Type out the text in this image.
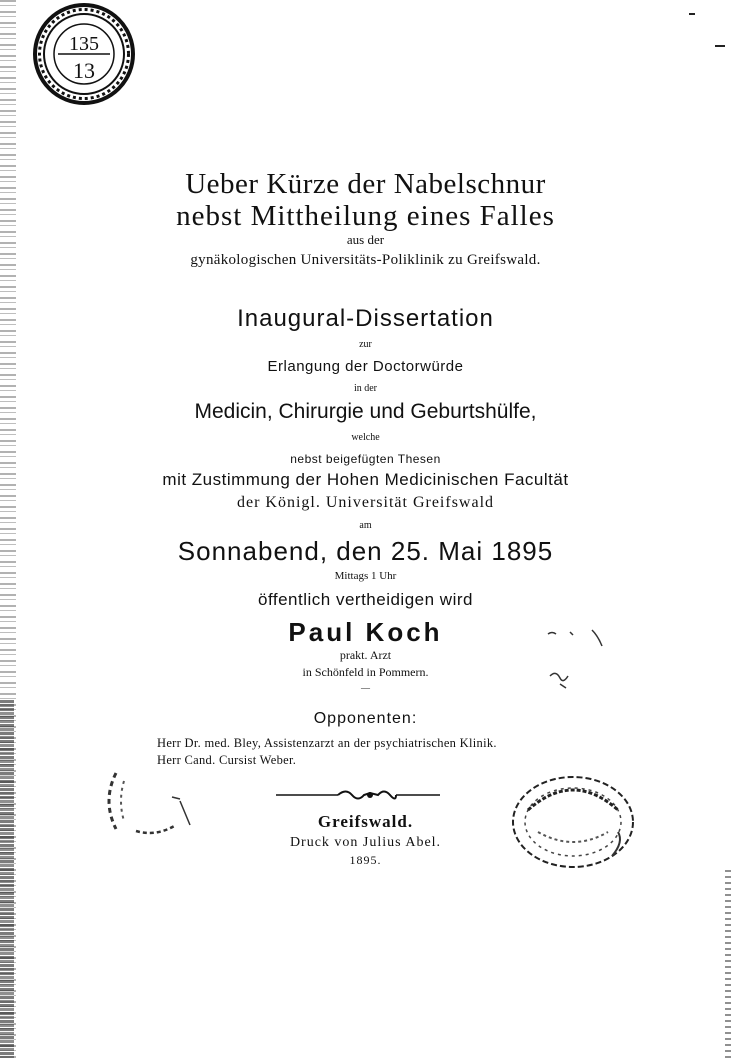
135
13
Ueber Kürze der Nabelschnur
nebst Mittheilung eines Falles
aus der
gynäkologischen Universitäts-Poliklinik zu Greifswald.
Inaugural-Dissertation
zur
Erlangung der Doctorwürde
in der
Medicin, Chirurgie und Geburtshülfe,
welche
nebst beigefügten Thesen
mit Zustimmung der Hohen Medicinischen Facultät
der Königl. Universität Greifswald
am
Sonnabend, den 25. Mai 1895
Mittags 1 Uhr
öffentlich vertheidigen wird
Paul Koch
prakt. Arzt
in Schönfeld in Pommern.
—
Opponenten:
Herr Dr. med. Bley, Assistenzarzt an der psychiatrischen Klinik.
Herr Cand. Cursist Weber.
Greifswald.
Druck von Julius Abel.
1895.
